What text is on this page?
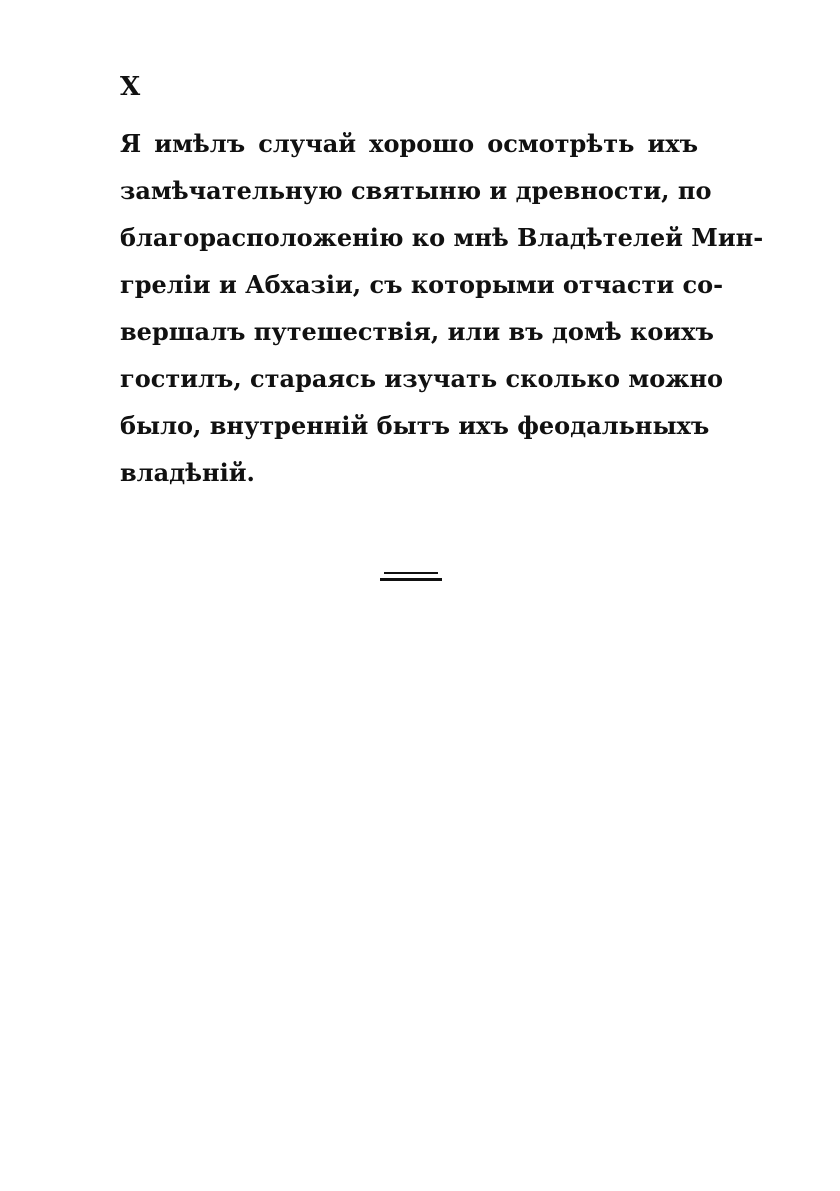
X

Я имѣлъ случай хорошо осмотрѣть ихъ
замѣчательную святыню и древности, по
благорасположенію ко мнѣ Владѣтелей Мин-
греліи и Абхазіи, съ которыми отчасти со-
вершалъ путешествія, или въ домѣ коихъ
гостилъ, стараясь изучать сколько можно
было, внутренній бытъ ихъ феодальныхъ
владѣній.
